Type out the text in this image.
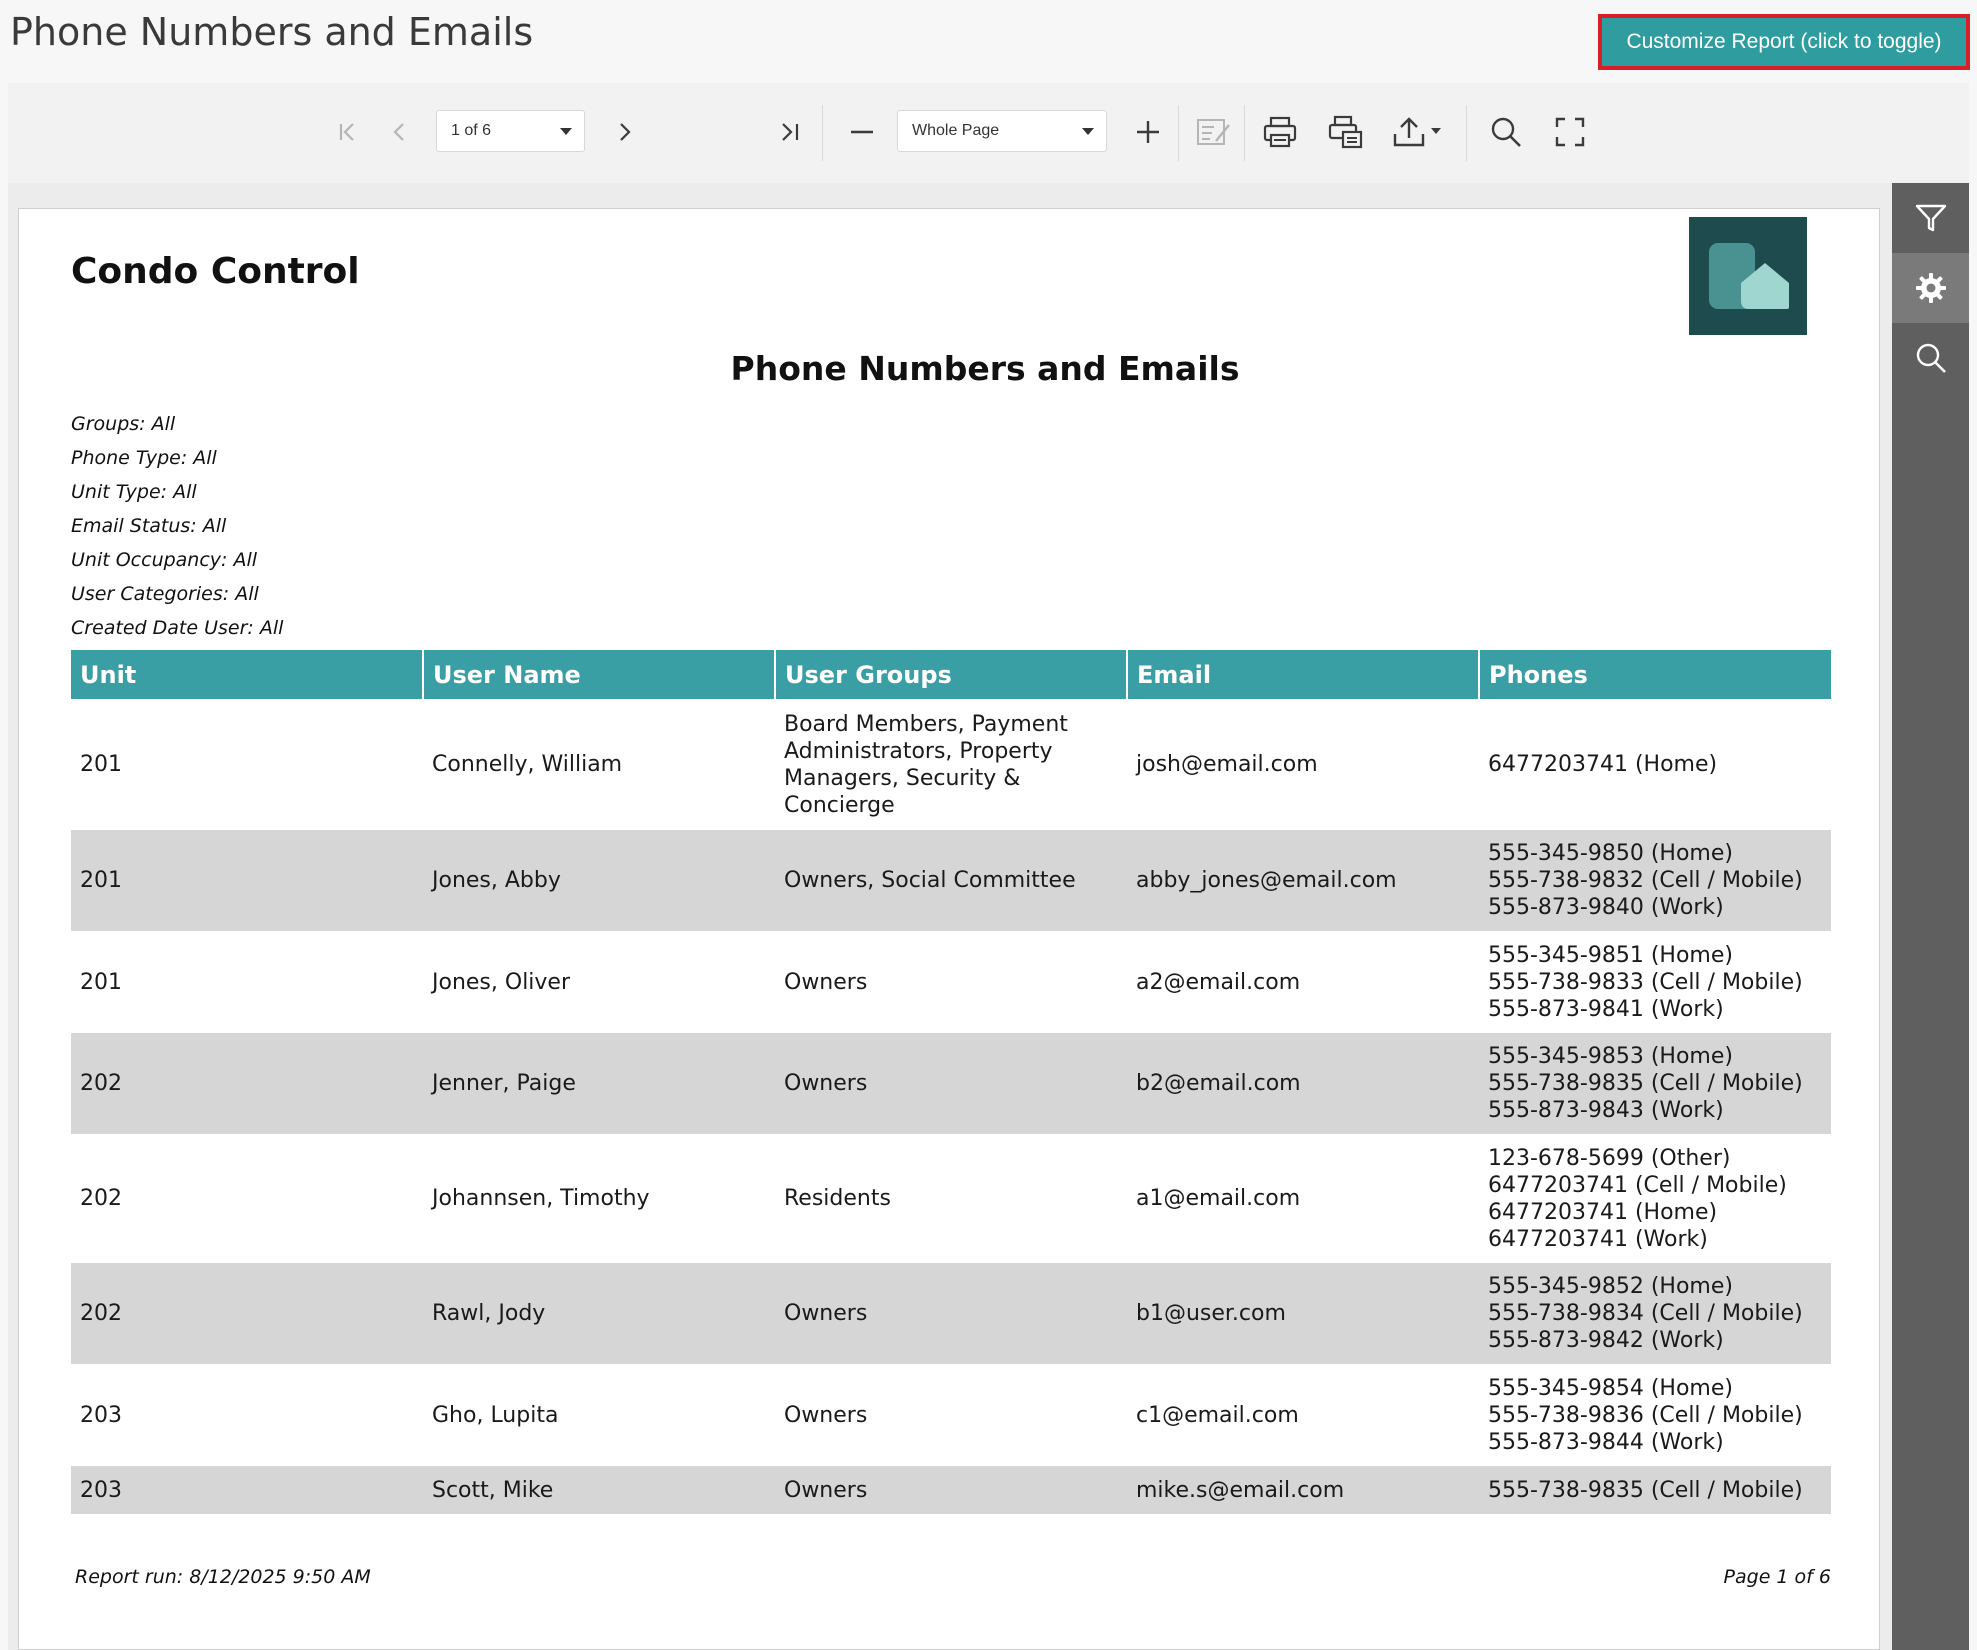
Phone Numbers and Emails	Customize Report (click to toggle)
1 of 6	Whole Page
Condo Control
Phone Numbers and Emails
Groups: All
Phone Type: All
Unit Type: All
Email Status: All
Unit Occupancy: All
User Categories: All
Created Date User: All
Unit	User Name	User Groups	Email	Phones
201	Connelly, William	Board Members, Payment Administrators, Property Managers, Security & Concierge	josh@email.com	6477203741 (Home)

201	Jones, Abby	Owners, Social Committee	abby_jones@email.com	555-345-9850 (Home)
555-738-9832 (Cell / Mobile)
555-873-9840 (Work)

201	Jones, Oliver	Owners	a2@email.com	555-345-9851 (Home)
555-738-9833 (Cell / Mobile)
555-873-9841 (Work)

202	Jenner, Paige	Owners	b2@email.com	555-345-9853 (Home)
555-738-9835 (Cell / Mobile)
555-873-9843 (Work)

202	Johannsen, Timothy	Residents	a1@email.com	123-678-5699 (Other)
6477203741 (Cell / Mobile)
6477203741 (Home)
6477203741 (Work)

202	Rawl, Jody	Owners	b1@user.com	555-345-9852 (Home)
555-738-9834 (Cell / Mobile)
555-873-9842 (Work)

203	Gho, Lupita	Owners	c1@email.com	555-345-9854 (Home)
555-738-9836 (Cell / Mobile)
555-873-9844 (Work)

203	Scott, Mike	Owners	mike.s@email.com	555-738-9835 (Cell / Mobile)
Report run: 8/12/2025 9:50 AM	Page 1 of 6
